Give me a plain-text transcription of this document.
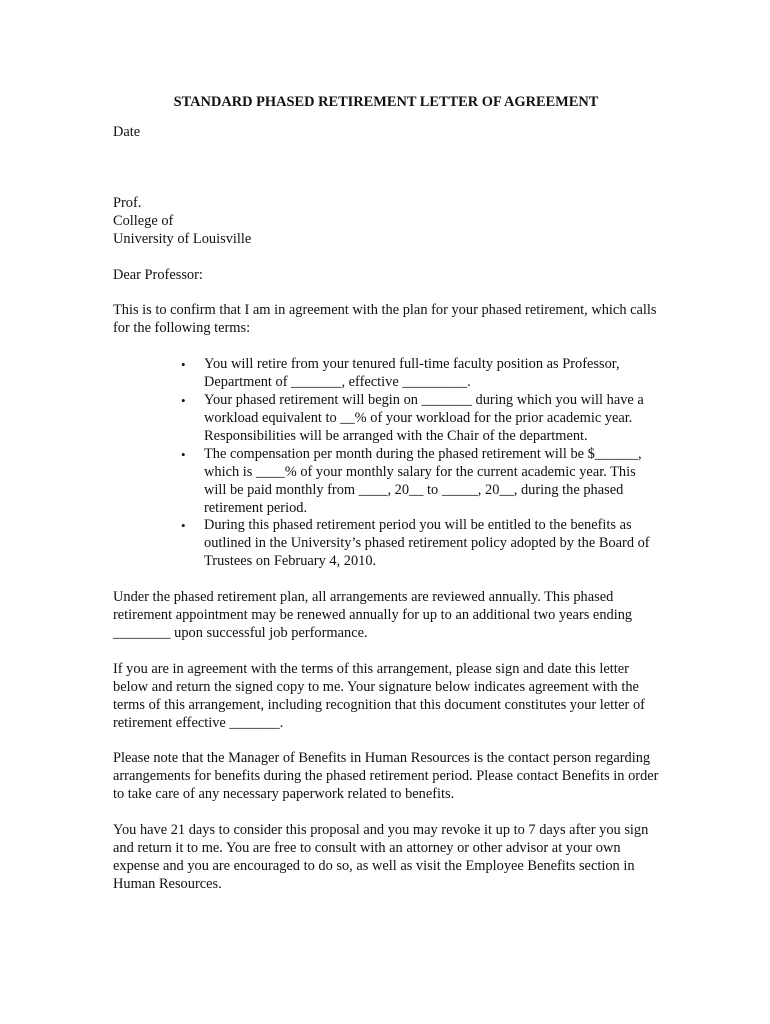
STANDARD PHASED RETIREMENT LETTER OF AGREEMENT

Date

Prof.
College of
University of Louisville

Dear Professor:

This is to confirm that I am in agreement with the plan for your phased retirement, which calls for the following terms:

• You will retire from your tenured full-time faculty position as Professor, Department of _______, effective _________.
• Your phased retirement will begin on _______ during which you will have a workload equivalent to __% of your workload for the prior academic year. Responsibilities will be arranged with the Chair of the department.
• The compensation per month during the phased retirement will be $______, which is ____% of your monthly salary for the current academic year. This will be paid monthly from ____, 20__ to _____, 20__, during the phased retirement period.
• During this phased retirement period you will be entitled to the benefits as outlined in the University’s phased retirement policy adopted by the Board of Trustees on February 4, 2010.

Under the phased retirement plan, all arrangements are reviewed annually. This phased retirement appointment may be renewed annually for up to an additional two years ending ________ upon successful job performance.

If you are in agreement with the terms of this arrangement, please sign and date this letter below and return the signed copy to me. Your signature below indicates agreement with the terms of this arrangement, including recognition that this document constitutes your letter of retirement effective _______.

Please note that the Manager of Benefits in Human Resources is the contact person regarding arrangements for benefits during the phased retirement period. Please contact Benefits in order to take care of any necessary paperwork related to benefits.

You have 21 days to consider this proposal and you may revoke it up to 7 days after you sign and return it to me. You are free to consult with an attorney or other advisor at your own expense and you are encouraged to do so, as well as visit the Employee Benefits section in Human Resources.
